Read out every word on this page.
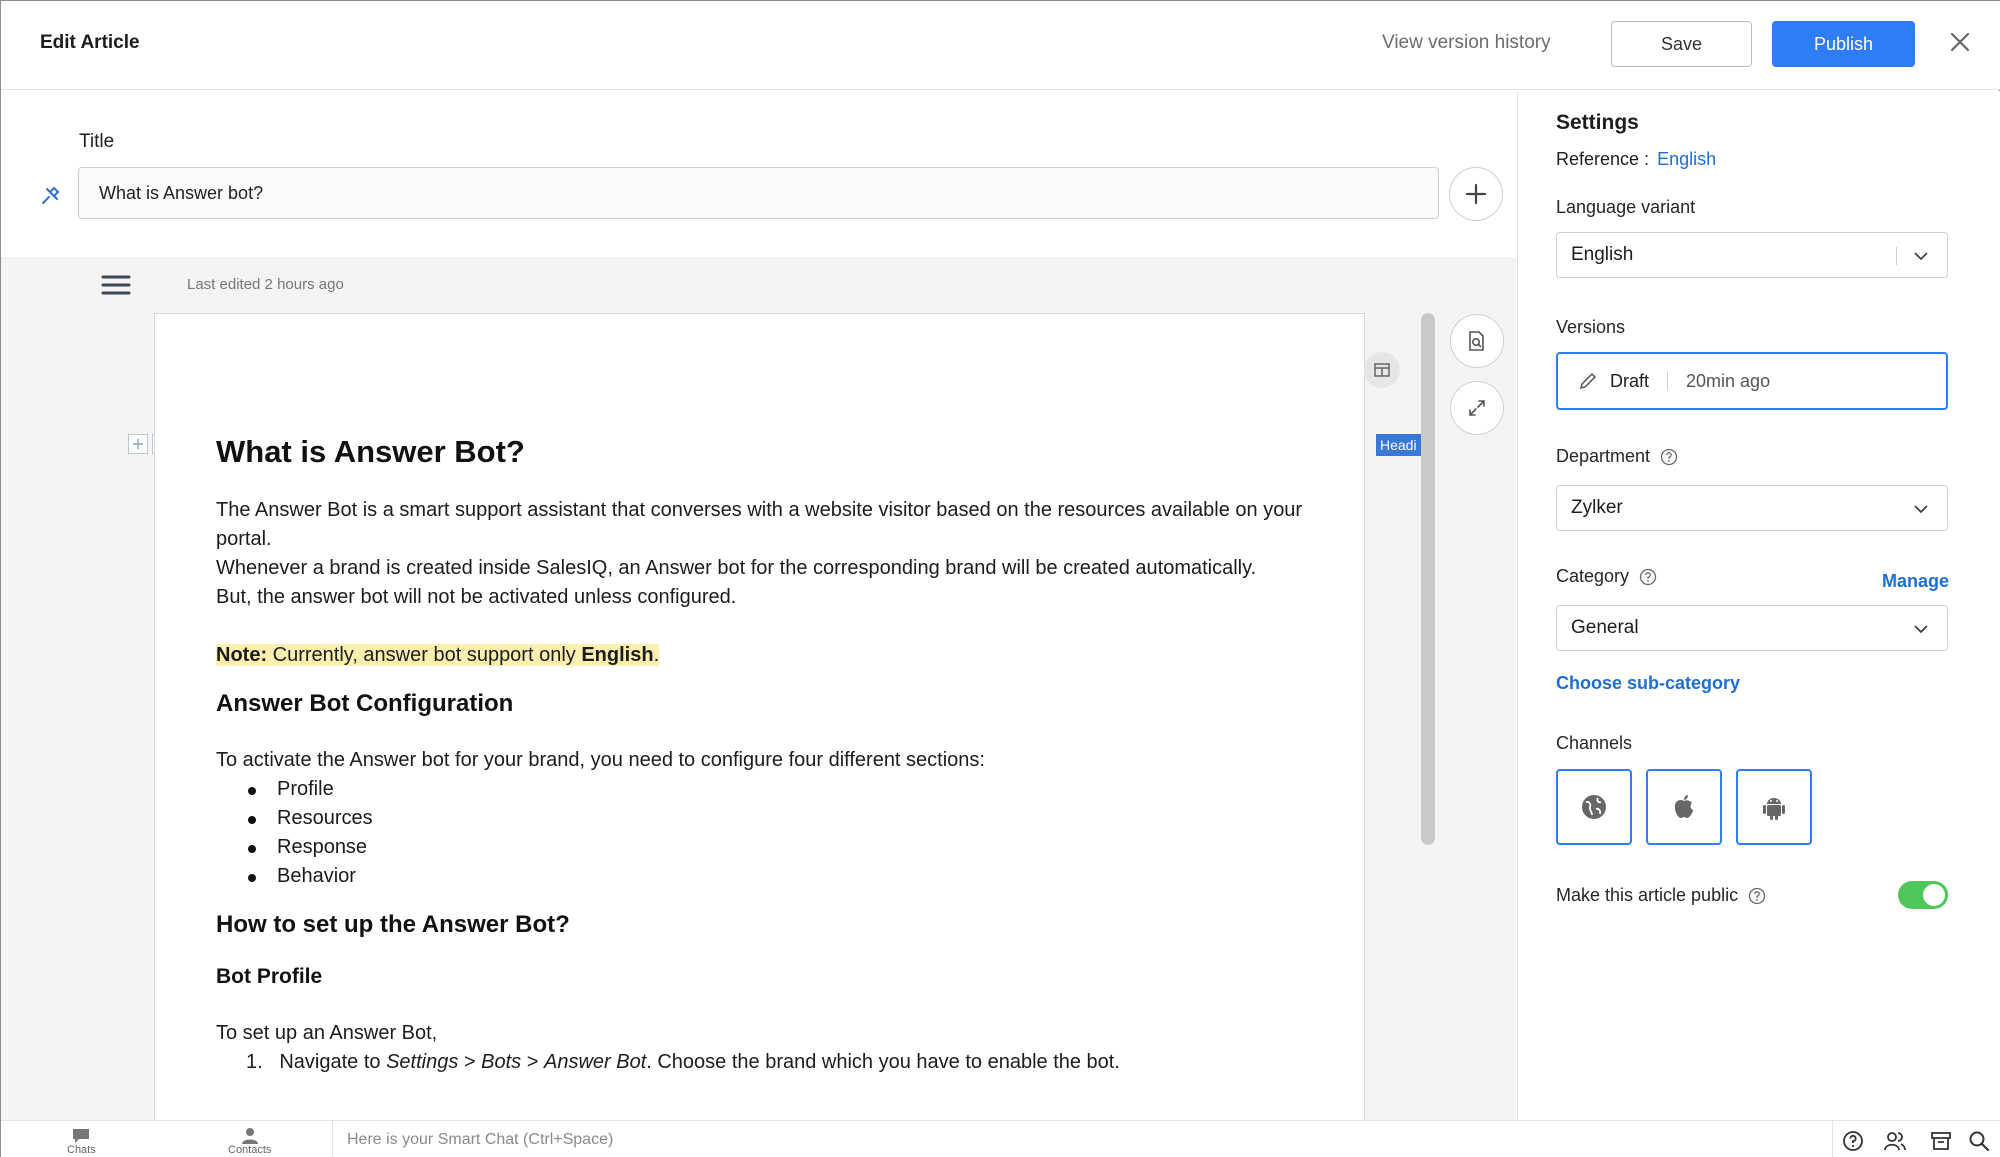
Edit Article	View version history	Save	Publish
Title
What is Answer bot?
Last edited 2 hours ago
What is Answer Bot?

The Answer Bot is a smart support assistant that converses with a website visitor based on the resources available on your portal.

Whenever a brand is created inside SalesIQ, an Answer bot for the corresponding brand will be created automatically.

But, the answer bot will not be activated unless configured.

Note: Currently, answer bot support only English.

Answer Bot Configuration

To activate the Answer bot for your brand, you need to configure four different sections:

Profile
Resources
Response
Behavior
How to set up the Answer Bot?
Bot Profile

To set up an Answer Bot,

1. Navigate to Settings > Bots > Answer Bot. Choose the brand which you have to enable the bot.

Headi
Settings
Reference : English
Language variant
English
Versions
Draft 20min ago
Department
Zylker
Category	Manage
General
Choose sub-category
Channels
Make this article public
Chats	Contacts
Here is your Smart Chat (Ctrl+Space)
